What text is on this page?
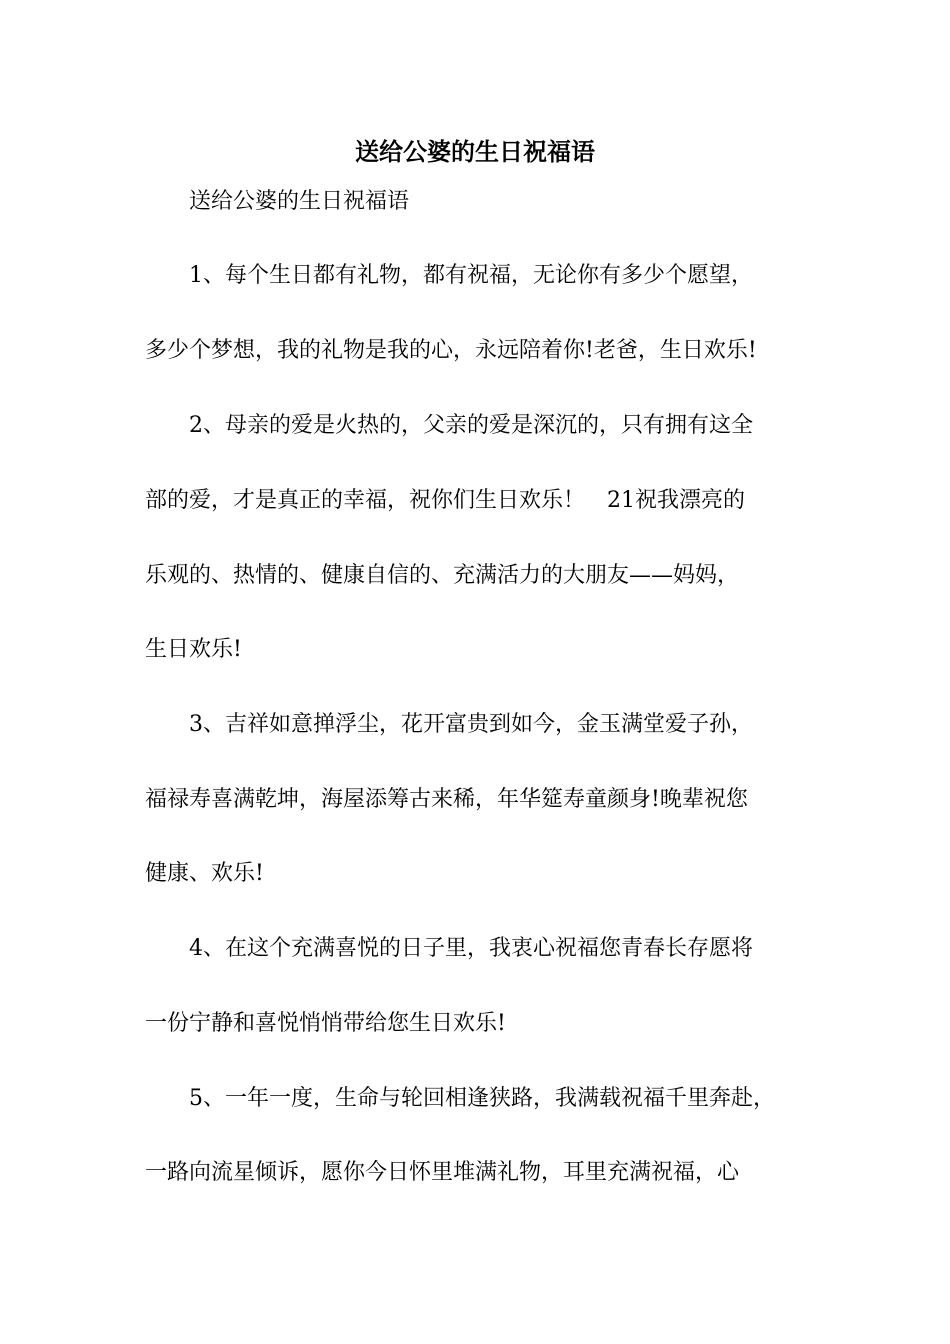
送给公婆的生日祝福语
　　送给公婆的生日祝福语
　　1、每个生日都有礼物，都有祝福，无论你有多少个愿望，
多少个梦想，我的礼物是我的心，永远陪着你!老爸，生日欢乐!
　　2、母亲的爱是火热的，父亲的爱是深沉的，只有拥有这全
部的爱，才是真正的幸福，祝你们生日欢乐！　21祝我漂亮的
乐观的、热情的、健康自信的、充满活力的大朋友——妈妈，
生日欢乐!
　　3、吉祥如意掸浮尘，花开富贵到如今，金玉满堂爱子孙，
福禄寿喜满乾坤，海屋添筹古来稀，年华筵寿童颜身!晚辈祝您
健康、欢乐!
　　4、在这个充满喜悦的日子里，我衷心祝福您青春长存愿将
一份宁静和喜悦悄悄带给您生日欢乐!
　　5、一年一度，生命与轮回相逢狭路，我满载祝福千里奔赴，
一路向流星倾诉，愿你今日怀里堆满礼物，耳里充满祝福，心
